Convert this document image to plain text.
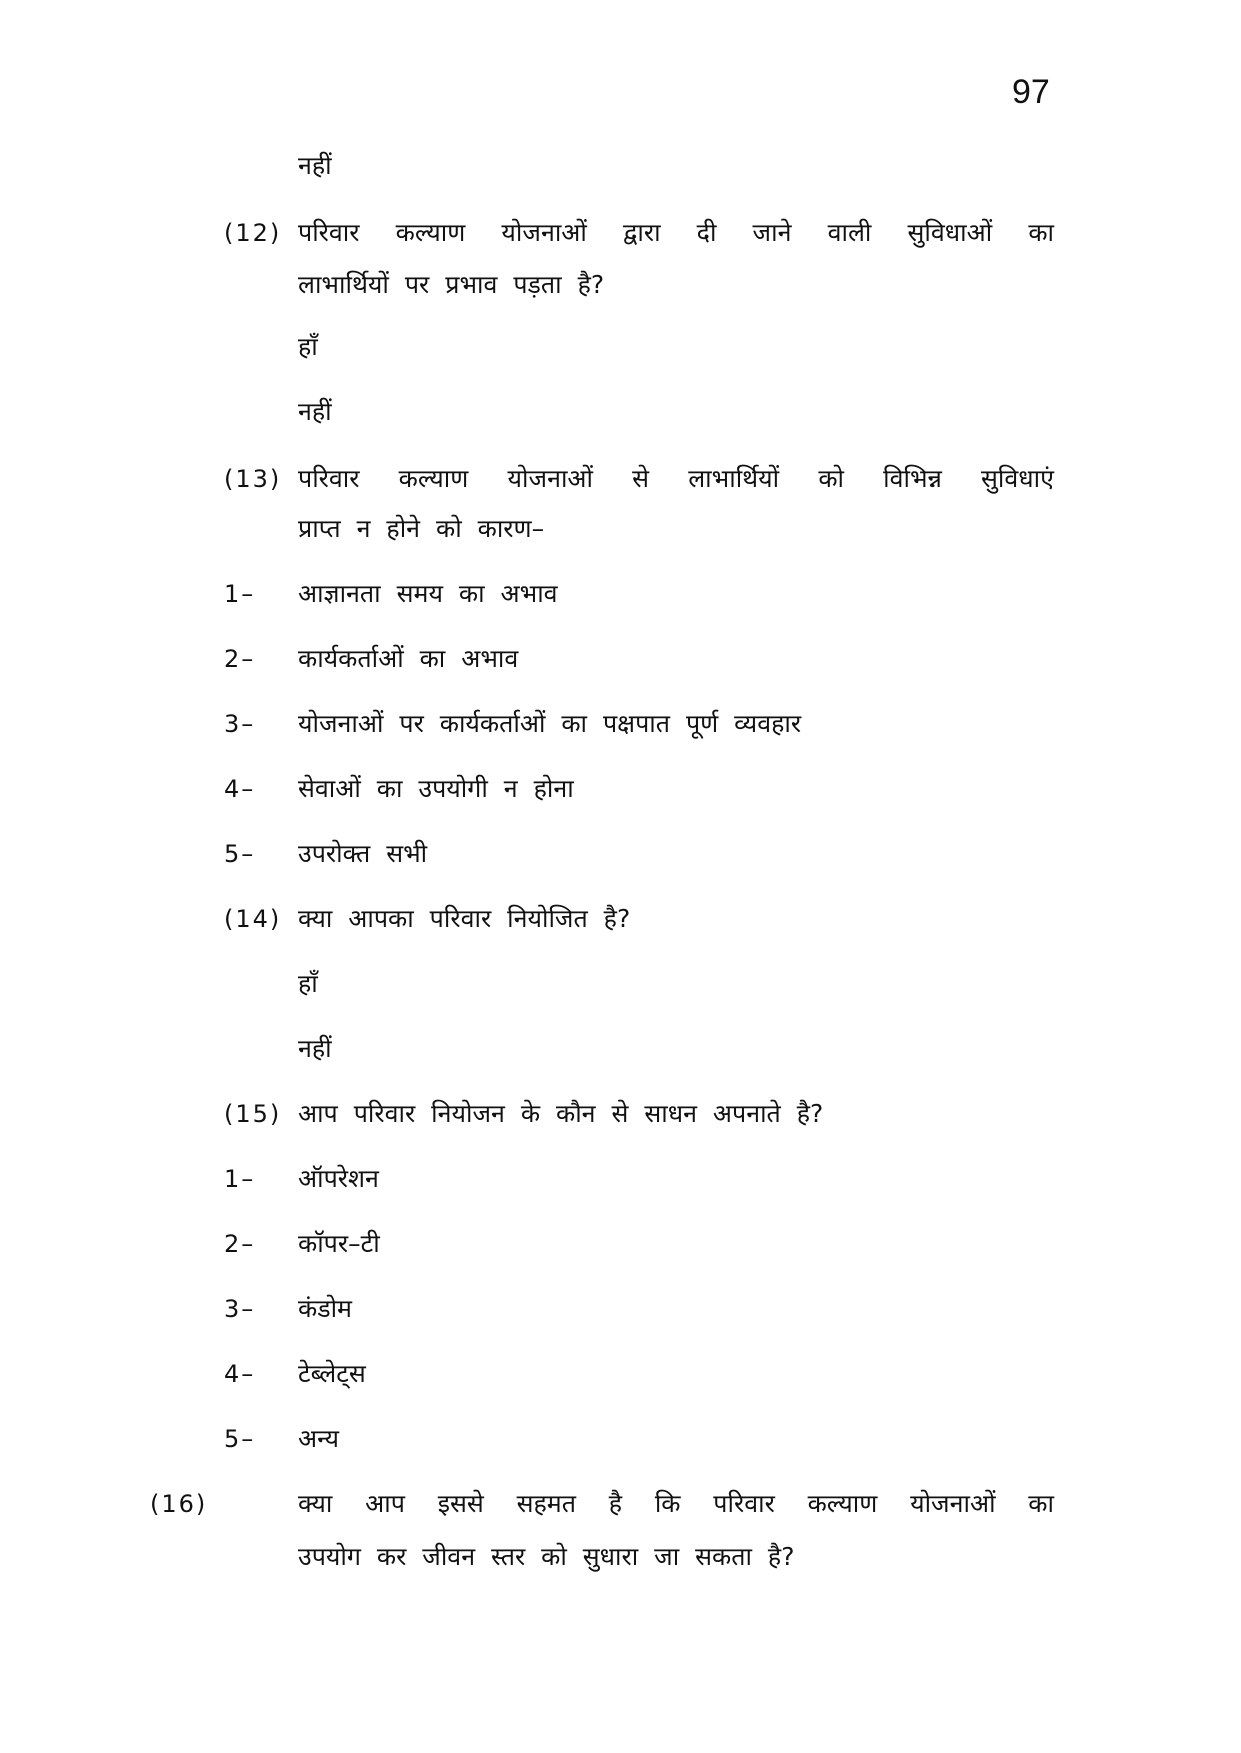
97
नहीं
(12) परिवार कल्याण योजनाओं द्वारा दी जाने वाली सुविधाओं का
लाभार्थियों पर प्रभाव पड़ता है?
हाँ
नहीं
(13) परिवार कल्याण योजनाओं से लाभार्थियों को विभिन्न सुविधाएं
प्राप्त न होने को कारण–
1– आज्ञानता समय का अभाव
2– कार्यकर्ताओं का अभाव
3– योजनाओं पर कार्यकर्ताओं का पक्षपात पूर्ण व्यवहार
4– सेवाओं का उपयोगी न होना
5– उपरोक्त सभी
(14) क्या आपका परिवार नियोजित है?
हाँ
नहीं
(15) आप परिवार नियोजन के कौन से साधन अपनाते है?
1– ऑपरेशन
2– कॉपर–टी
3– कंडोम
4– टेब्लेट्स
5– अन्य
(16)	क्या आप इससे सहमत है कि परिवार कल्याण योजनाओं का
उपयोग कर जीवन स्तर को सुधारा जा सकता है?
